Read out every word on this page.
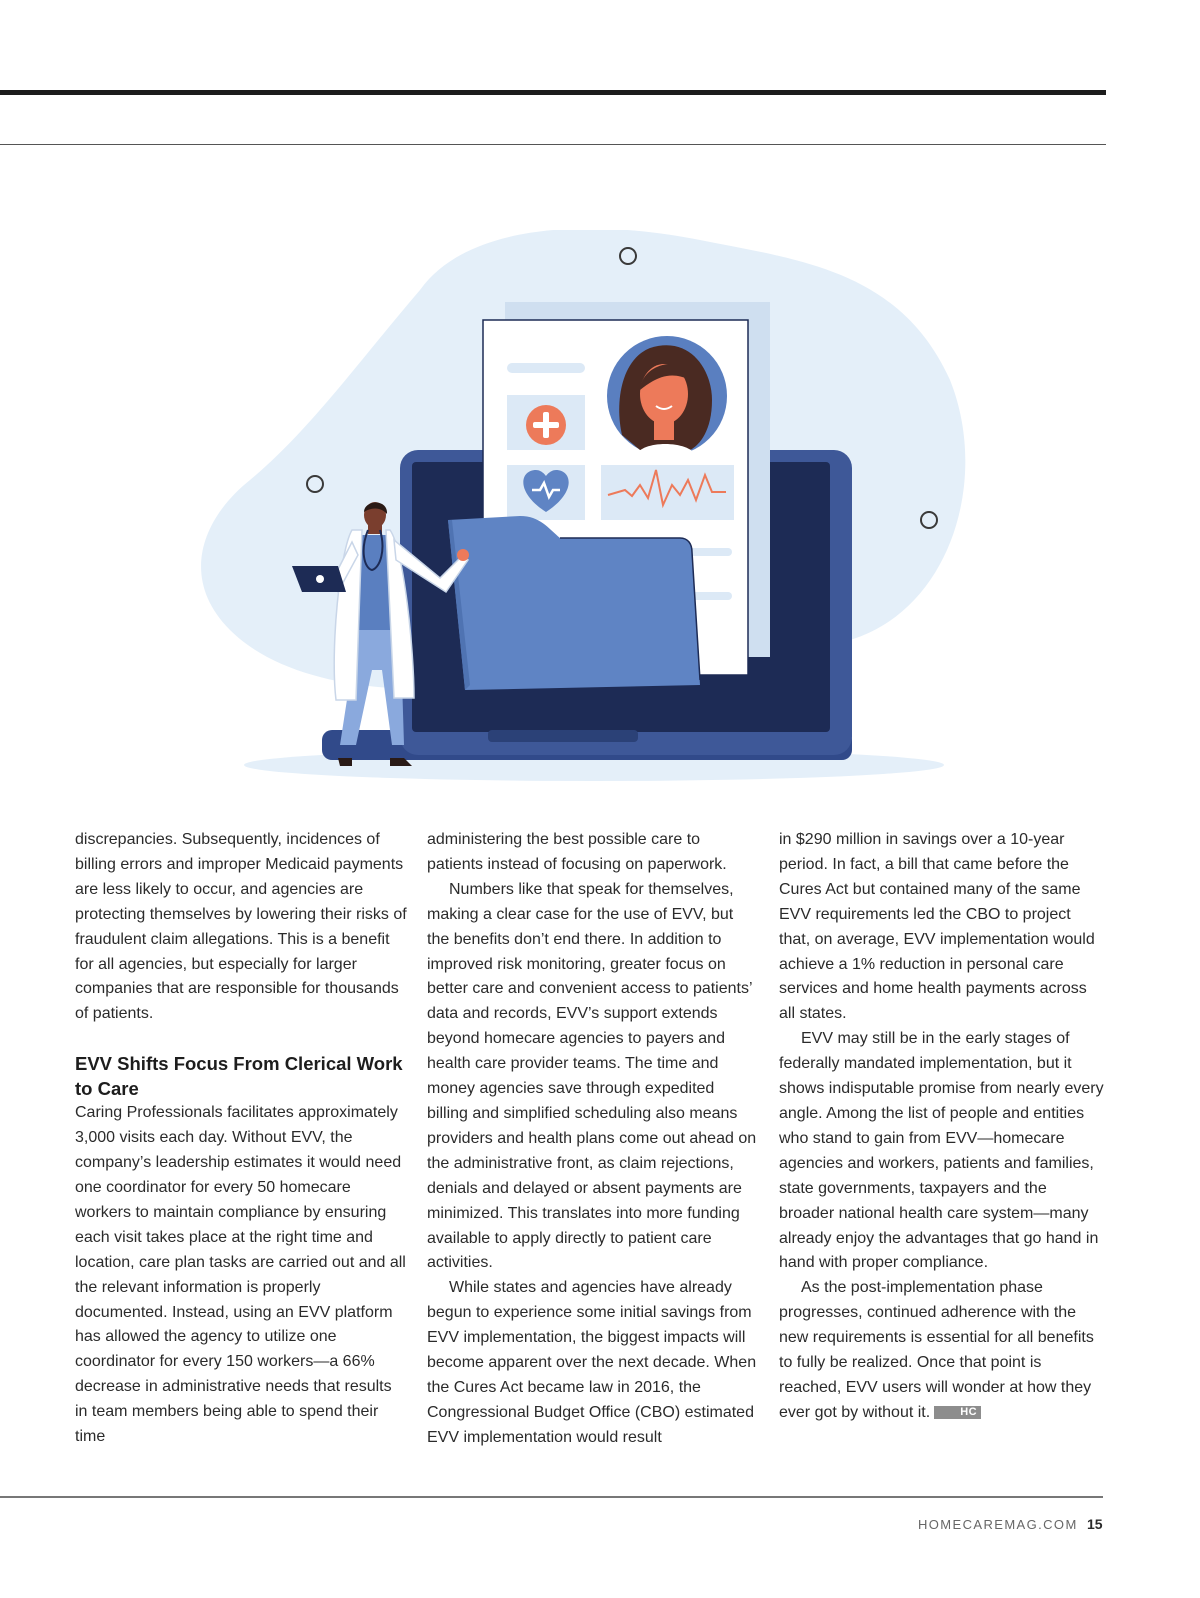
discrepancies. Subsequently, incidences of billing errors and improper Medicaid payments are less likely to occur, and agencies are protecting themselves by lowering their risks of fraudulent claim allegations. This is a benefit for all agencies, but especially for larger companies that are responsible for thousands of patients.

EVV Shifts Focus From Clerical Work to Care

Caring Professionals facilitates approximately 3,000 visits each day. Without EVV, the company’s leadership estimates it would need one coordinator for every 50 homecare workers to maintain compliance by ensuring each visit takes place at the right time and location, care plan tasks are carried out and all the relevant information is properly documented. Instead, using an EVV platform has allowed the agency to utilize one coordinator for every 150 workers—a 66% decrease in administrative needs that results in team members being able to spend their time

administering the best possible care to patients instead of focusing on paperwork.

Numbers like that speak for themselves, making a clear case for the use of EVV, but the benefits don’t end there. In addition to improved risk monitoring, greater focus on better care and convenient access to patients’ data and records, EVV’s support extends beyond homecare agencies to payers and health care provider teams. The time and money agencies save through expedited billing and simplified scheduling also means providers and health plans come out ahead on the administrative front, as claim rejections, denials and delayed or absent payments are minimized. This translates into more funding available to apply directly to patient care activities.

While states and agencies have already begun to experience some initial savings from EVV implementation, the biggest impacts will become apparent over the next decade. When the Cures Act became law in 2016, the Congressional Budget Office (CBO) estimated EVV implementation would result

in $290 million in savings over a 10-year period. In fact, a bill that came before the Cures Act but contained many of the same EVV requirements led the CBO to project that, on average, EVV implementation would achieve a 1% reduction in personal care services and home health payments across all states.

EVV may still be in the early stages of federally mandated implementation, but it shows indisputable promise from nearly every angle. Among the list of people and entities who stand to gain from EVV—homecare agencies and workers, patients and families, state governments, taxpayers and the broader national health care system—many already enjoy the advantages that go hand in hand with proper compliance.

As the post-implementation phase progresses, continued adherence with the new requirements is essential for all benefits to fully be realized. Once that point is reached, EVV users will wonder at how they ever got by without it.	HC

HOMECAREMAG.COM 15
